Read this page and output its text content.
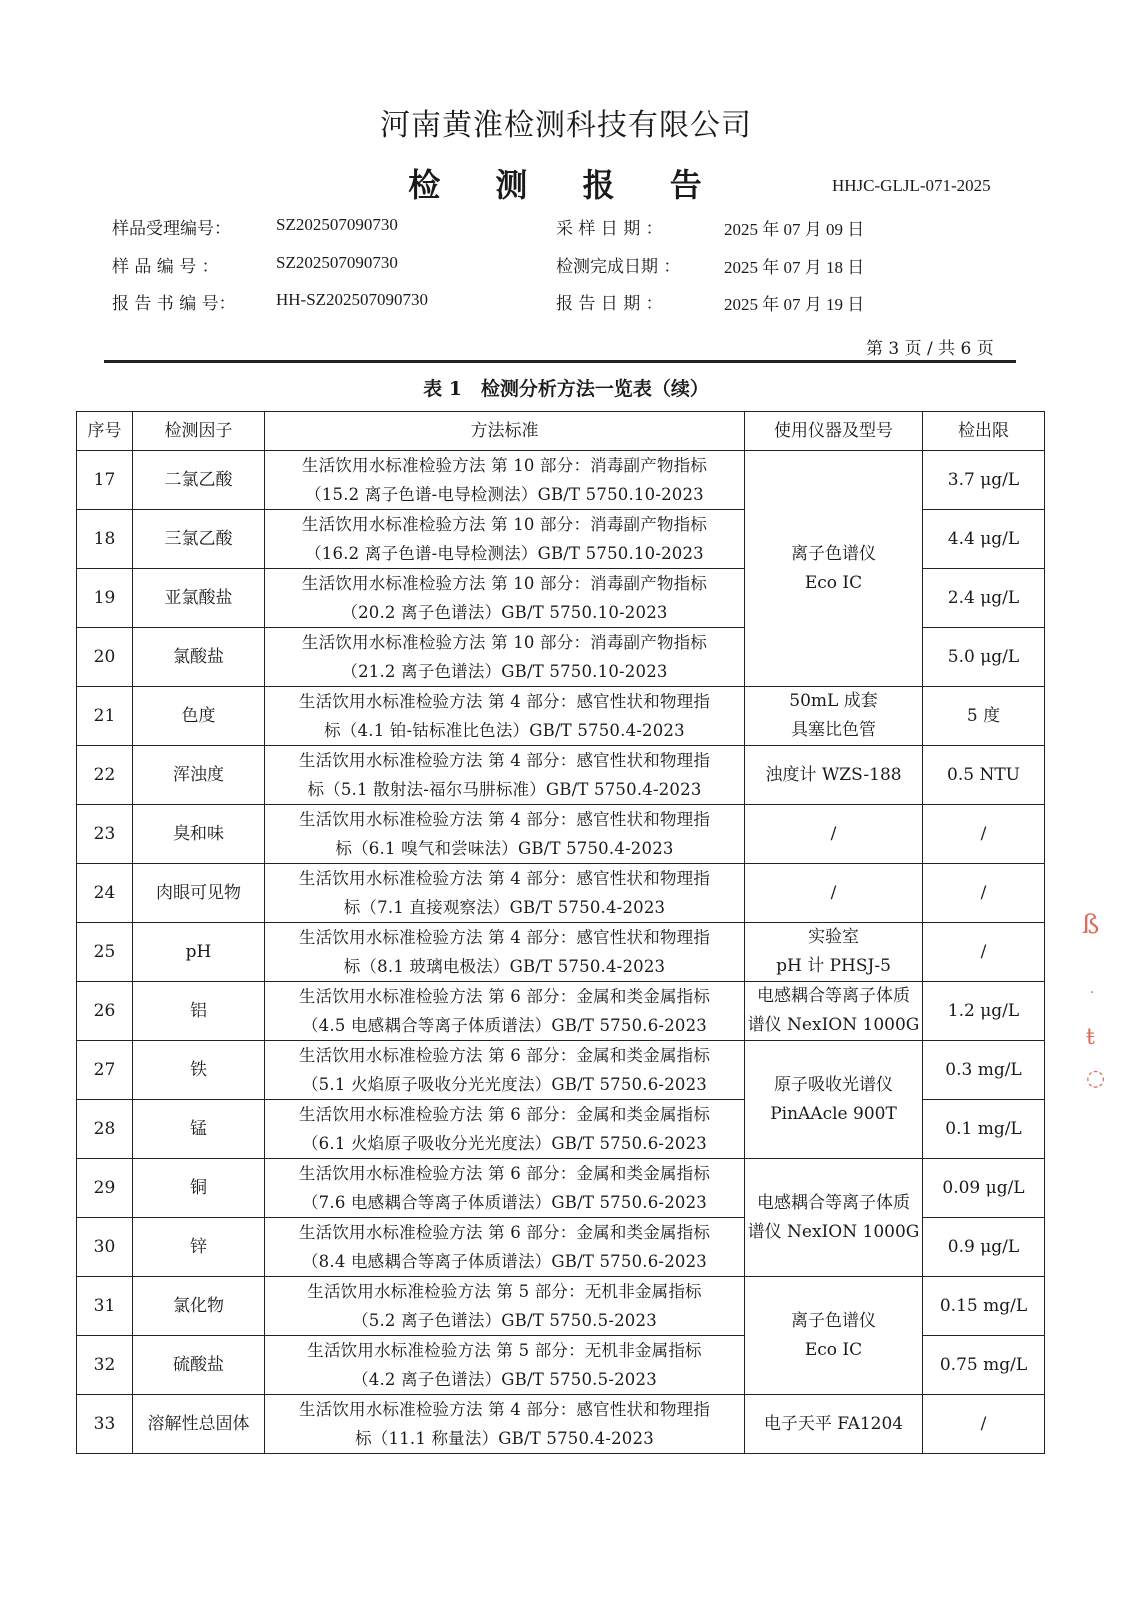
河南黄淮检测科技有限公司
检 测 报 告	HHJC-GLJL-071-2025
样品受理编号：	SZ202507090730	采 样 日 期 ：	2025 年 07 月 09 日
样 品 编 号 ：	SZ202507090730	检测完成日期 ：	2025 年 07 月 18 日
报 告 书 编 号： HH-SZ202507090730	报 告 日 期 ：	2025 年 07 月 19 日
第 3 页 / 共 6 页
表 1　检测分析方法一览表（续）
序号	检测因子	方法标准	使用仪器及型号	检出限
17	二氯乙酸	生活饮用水标准检验方法 第 10 部分：消毒副产物指标
（15.2 离子色谱-电导检测法）GB/T 5750.10-2023	离子色谱仪
Eco IC	3.7 μg/L
18	三氯乙酸	生活饮用水标准检验方法 第 10 部分：消毒副产物指标
（16.2 离子色谱-电导检测法）GB/T 5750.10-2023		4.4 μg/L
19	亚氯酸盐	生活饮用水标准检验方法 第 10 部分：消毒副产物指标
（20.2 离子色谱法）GB/T 5750.10-2023		2.4 μg/L
20	氯酸盐	生活饮用水标准检验方法 第 10 部分：消毒副产物指标
（21.2 离子色谱法）GB/T 5750.10-2023		5.0 μg/L
21	色度	生活饮用水标准检验方法 第 4 部分：感官性状和物理指
标（4.1 铂-钴标准比色法）GB/T 5750.4-2023	50mL 成套
具塞比色管	5 度
22	浑浊度	生活饮用水标准检验方法 第 4 部分：感官性状和物理指
标（5.1 散射法-福尔马肼标准）GB/T 5750.4-2023	浊度计 WZS-188	0.5 NTU
23	臭和味	生活饮用水标准检验方法 第 4 部分：感官性状和物理指
标（6.1 嗅气和尝味法）GB/T 5750.4-2023	/	/
24	肉眼可见物	生活饮用水标准检验方法 第 4 部分：感官性状和物理指
标（7.1 直接观察法）GB/T 5750.4-2023	/	/
25	pH	生活饮用水标准检验方法 第 4 部分：感官性状和物理指
标（8.1 玻璃电极法）GB/T 5750.4-2023	实验室
pH 计 PHSJ-5	/
26	铝	生活饮用水标准检验方法 第 6 部分：金属和类金属指标
（4.5 电感耦合等离子体质谱法）GB/T 5750.6-2023	电感耦合等离子体质
谱仪 NexION 1000G	1.2 μg/L
27	铁	生活饮用水标准检验方法 第 6 部分：金属和类金属指标
（5.1 火焰原子吸收分光光度法）GB/T 5750.6-2023	原子吸收光谱仪
PinAAcle 900T	0.3 mg/L
28	锰	生活饮用水标准检验方法 第 6 部分：金属和类金属指标
（6.1 火焰原子吸收分光光度法）GB/T 5750.6-2023		0.1 mg/L
29	铜	生活饮用水标准检验方法 第 6 部分：金属和类金属指标
（7.6 电感耦合等离子体质谱法）GB/T 5750.6-2023	电感耦合等离子体质
谱仪 NexION 1000G	0.09 μg/L
30	锌	生活饮用水标准检验方法 第 6 部分：金属和类金属指标
（8.4 电感耦合等离子体质谱法）GB/T 5750.6-2023		0.9 μg/L
31	氯化物	生活饮用水标准检验方法 第 5 部分：无机非金属指标
（5.2 离子色谱法）GB/T 5750.5-2023	离子色谱仪
Eco IC	0.15 mg/L
32	硫酸盐	生活饮用水标准检验方法 第 5 部分：无机非金属指标
（4.2 离子色谱法）GB/T 5750.5-2023		0.75 mg/L
33	溶解性总固体	生活饮用水标准检验方法 第 4 部分：感官性状和物理指
标（11.1 称量法）GB/T 5750.4-2023	电子天平 FA1204	/
ß
·
ŧ
◌
